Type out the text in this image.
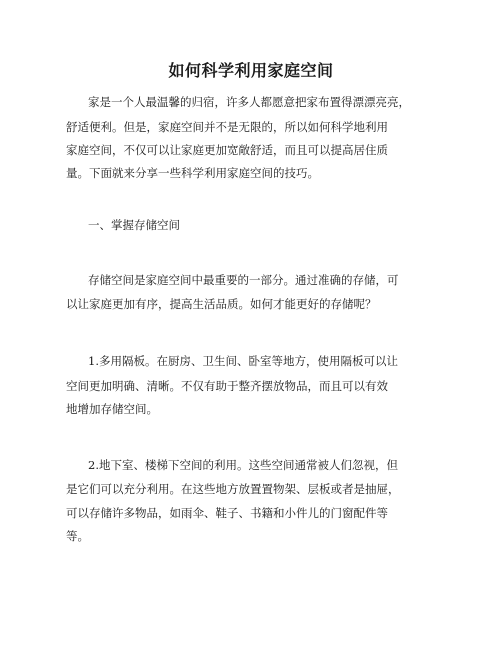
如何科学利用家庭空间
家是一个人最温馨的归宿，许多人都愿意把家布置得漂漂亮亮，
舒适便利。但是，家庭空间并不是无限的，所以如何科学地利用
家庭空间，不仅可以让家庭更加宽敞舒适，而且可以提高居住质
量。下面就来分享一些科学利用家庭空间的技巧。
一、掌握存储空间
存储空间是家庭空间中最重要的一部分。通过准确的存储，可
以让家庭更加有序，提高生活品质。如何才能更好的存储呢？
1.多用隔板。在厨房、卫生间、卧室等地方，使用隔板可以让
空间更加明确、清晰。不仅有助于整齐摆放物品，而且可以有效
地增加存储空间。
2.地下室、楼梯下空间的利用。这些空间通常被人们忽视，但
是它们可以充分利用。在这些地方放置置物架、层板或者是抽屉，
可以存储许多物品，如雨伞、鞋子、书籍和小件儿的门窗配件等
等。
